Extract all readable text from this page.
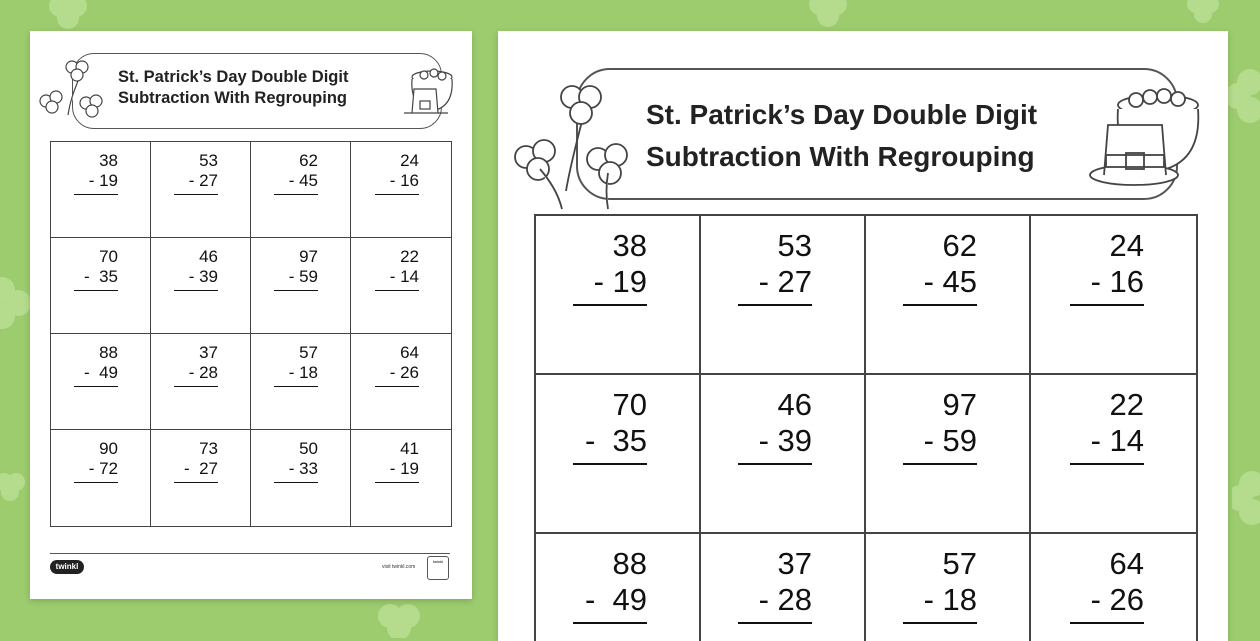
St. Patrick’s Day Double Digit
Subtraction With Regrouping
38
- 19
53
- 27
62
- 45
24
- 16
70
-  35
46
- 39
97
- 59
22
- 14
88
-  49
37
- 28
57
- 18
64
- 26
90
- 72
73
-  27
50
- 33
41
- 19
twinkl	visit twinkl.com
twinkl
St. Patrick’s Day Double Digit
Subtraction With Regrouping
38
- 19
53
- 27
62
- 45
24
- 16
70
-  35
46
- 39
97
- 59
22
- 14
88
-  49
37
- 28
57
- 18
64
- 26
